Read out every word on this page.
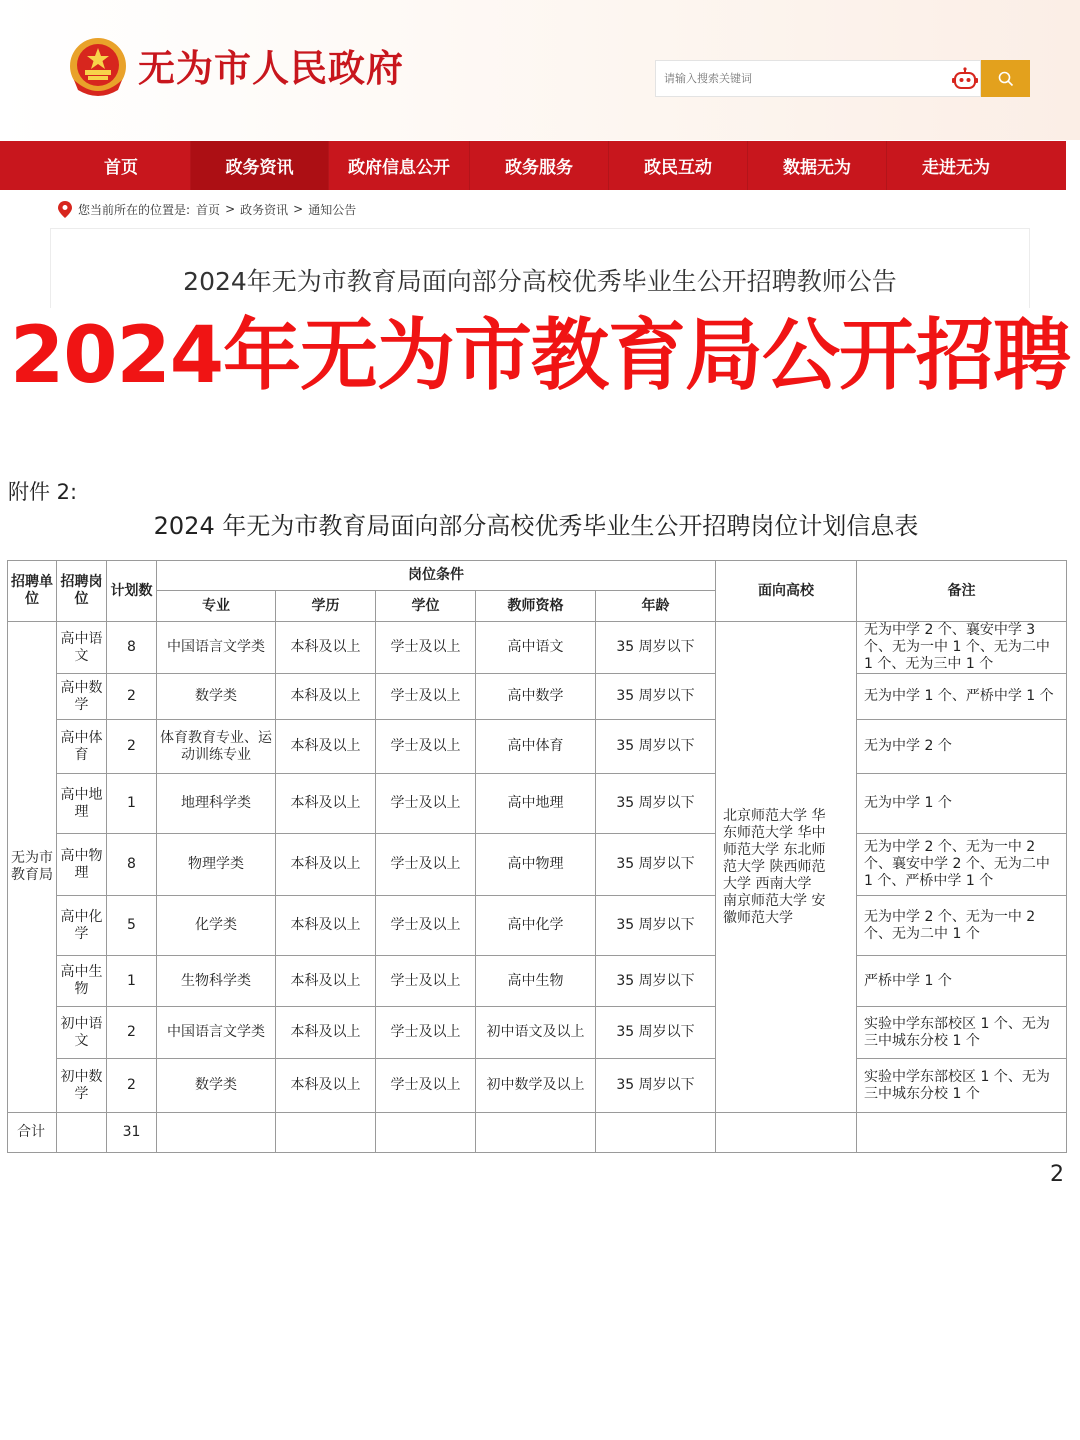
无为市人民政府
请输入搜索关键词
首页	政务资讯	政府信息公开	政务服务	政民互动	数据无为	走进无为
您当前所在的位置是: 首页 > 政务资讯 > 通知公告
2024年无为市教育局面向部分高校优秀毕业生公开招聘教师公告
2024年无为市教育局公开招聘
附件 2:
2024 年无为市教育局面向部分高校优秀毕业生公开招聘岗位计划信息表
招聘单位	招聘岗位	计划数	岗位条件					面向高校	备注
			专业	学历	学位	教师资格	年龄		
无为市教育局	高中语文	8	中国语言文学类	本科及以上	学士及以上	高中语文	35 周岁以下	北京师范大学 华东师范大学 华中师范大学 东北师范大学 陕西师范大学 西南大学 南京师范大学 安徽师范大学	无为中学 2 个、襄安中学 3 个、无为一中 1 个、无为二中 1 个、无为三中 1 个
	高中数学	2	数学类	本科及以上	学士及以上	高中数学	35 周岁以下		无为中学 1 个、严桥中学 1 个
	高中体育	2	体育教育专业、运动训练专业	本科及以上	学士及以上	高中体育	35 周岁以下		无为中学 2 个
	高中地理	1	地理科学类	本科及以上	学士及以上	高中地理	35 周岁以下		无为中学 1 个
	高中物理	8	物理学类	本科及以上	学士及以上	高中物理	35 周岁以下		无为中学 2 个、无为一中 2 个、襄安中学 2 个、无为二中 1 个、严桥中学 1 个
	高中化学	5	化学类	本科及以上	学士及以上	高中化学	35 周岁以下		无为中学 2 个、无为一中 2 个、无为二中 1 个
	高中生物	1	生物科学类	本科及以上	学士及以上	高中生物	35 周岁以下		严桥中学 1 个
	初中语文	2	中国语言文学类	本科及以上	学士及以上	初中语文及以上	35 周岁以下		实验中学东部校区 1 个、无为三中城东分校 1 个
	初中数学	2	数学类	本科及以上	学士及以上	初中数学及以上	35 周岁以下		实验中学东部校区 1 个、无为三中城东分校 1 个
合计		31							
2
